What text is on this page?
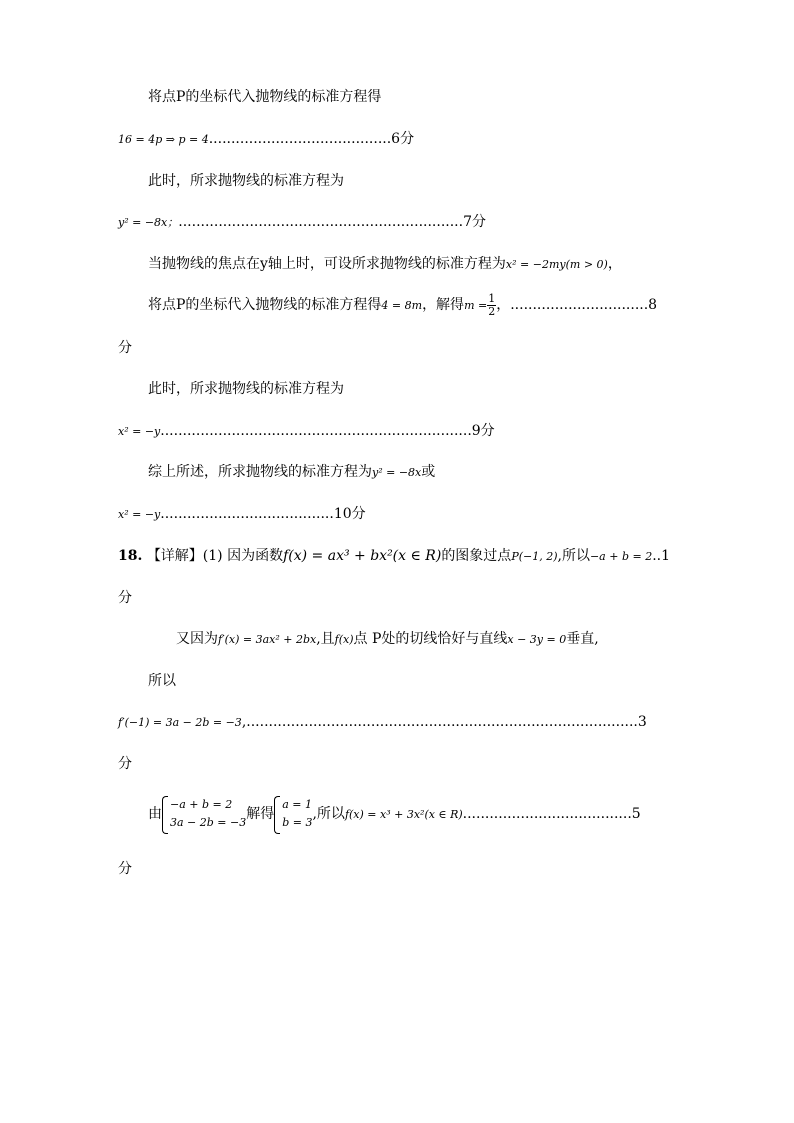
将点P的坐标代入抛物线的标准方程得
16 = 4p ⇒ p = 4.........................................6分
此时，所求抛物线的标准方程为
y² = −8x；................................................................7分
当抛物线的焦点在y轴上时，可设所求抛物线的标准方程为x² = −2my(m > 0)，
将点P的坐标代入抛物线的标准方程得4 = 8m，解得$m = \frac{1}{2}$ ，...............................8
分
此时，所求抛物线的标准方程为
x² = −y......................................................................9分
综上所述，所求抛物线的标准方程为y² = −8x或
x² = −y.......................................10分
18. 【详解】(1) 因为函数f(x) = ax³ + bx²(x ∈ R)的图象过点P(−1, 2),所以−a + b = 2..1
分
又因为f′(x) = 3ax² + 2bx,且f(x)点 P处的切线恰好与直线x − 3y = 0垂直,
所以
f′(−1) = 3a − 2b = −3,........................................................................................3
分
由
−a + b = 2
3a − 2b = −3
解得
a = 1
b = 3
,所以f(x) = x³ + 3x²(x ∈ R)......................................5
分
